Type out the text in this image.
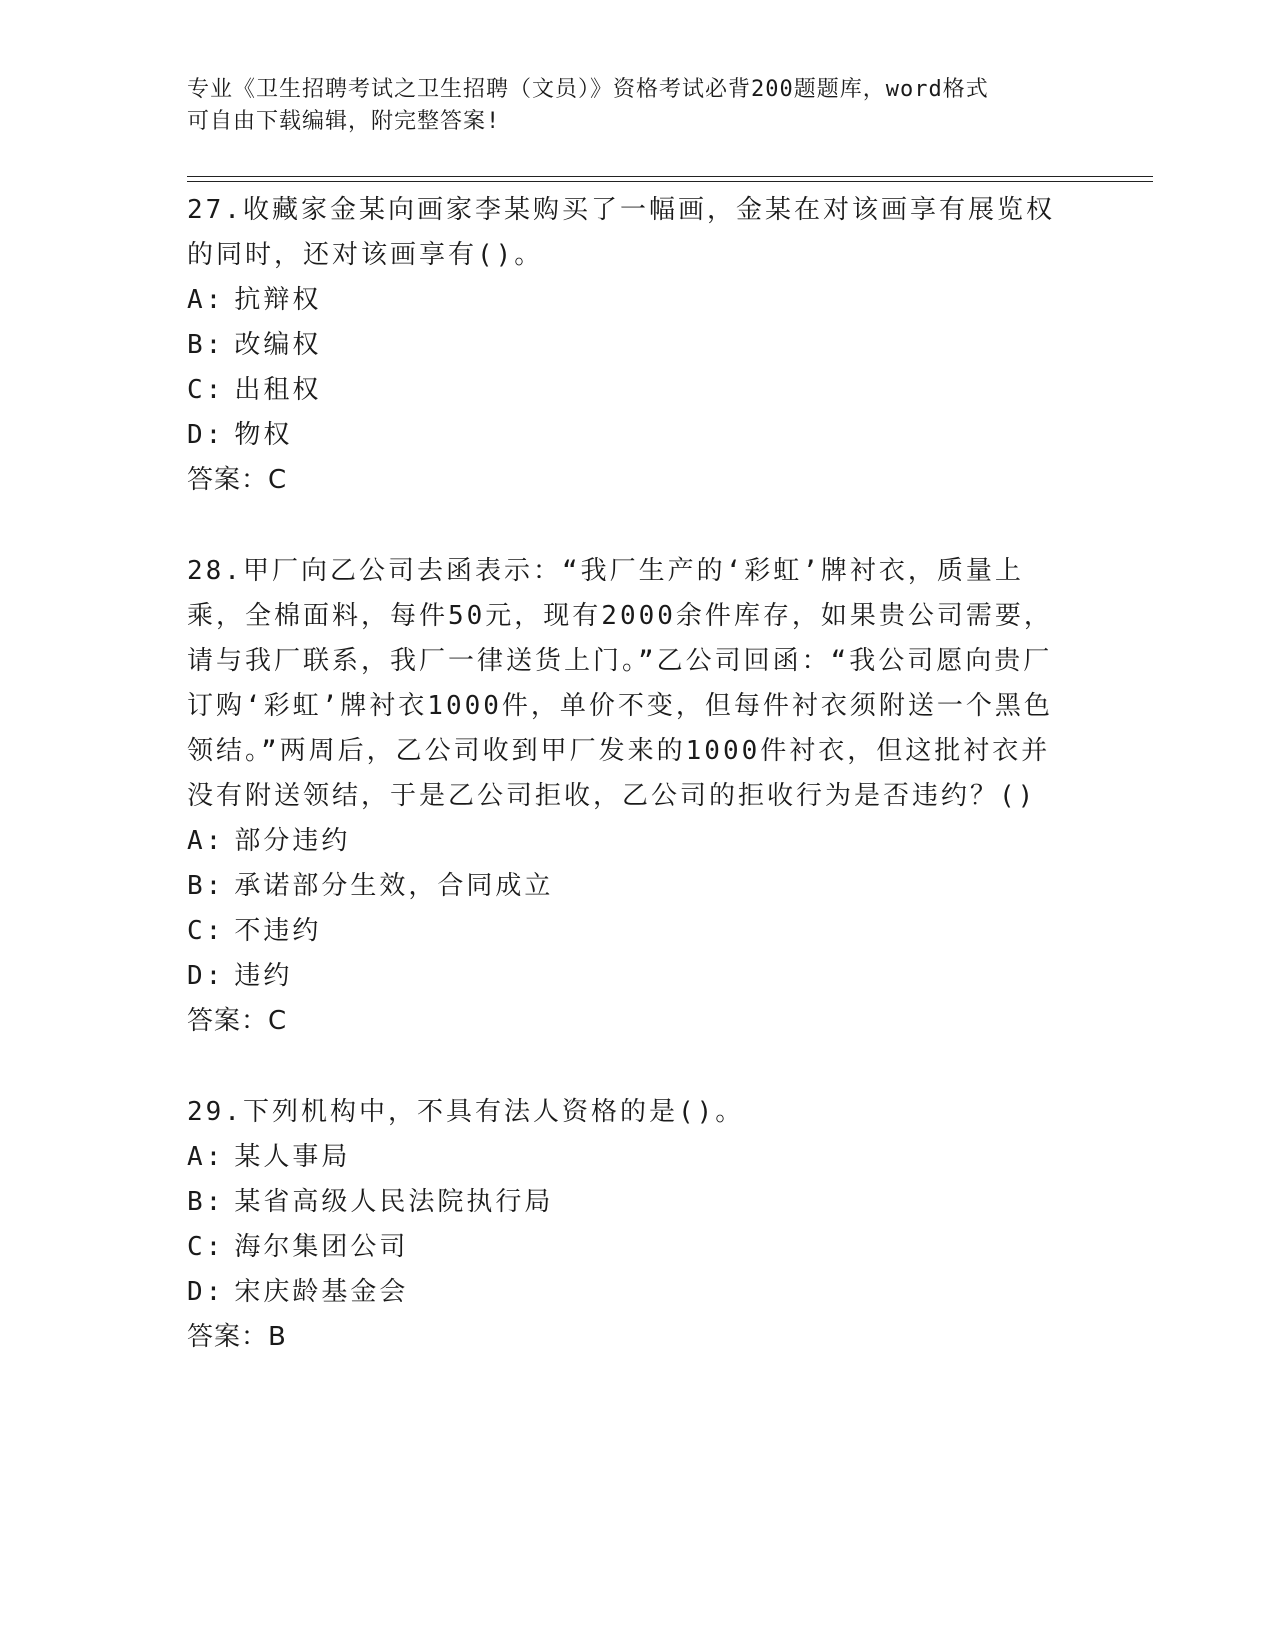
专业《卫生招聘考试之卫生招聘（文员）》资格考试必背200题题库，word格式
可自由下载编辑，附完整答案!

27.收藏家金某向画家李某购买了一幅画，金某在对该画享有展览权的同时，还对该画享有()。

A: 抗辩权

B: 改编权

C: 出租权

D: 物权

答案：C

28.甲厂向乙公司去函表示：“我厂生产的‘彩虹’牌衬衣，质量上乘，全棉面料，每件50元，现有2000余件库存，如果贵公司需要，请与我厂联系，我厂一律送货上门。”乙公司回函：“我公司愿向贵厂订购‘彩虹’牌衬衣1000件，单价不变，但每件衬衣须附送一个黑色领结。”两周后，乙公司收到甲厂发来的1000件衬衣，但这批衬衣并没有附送领结，于是乙公司拒收，乙公司的拒收行为是否违约？()

A: 部分违约

B: 承诺部分生效，合同成立

C: 不违约

D: 违约

答案：C

29.下列机构中，不具有法人资格的是()。

A: 某人事局

B: 某省高级人民法院执行局

C: 海尔集团公司

D: 宋庆龄基金会

答案：B
